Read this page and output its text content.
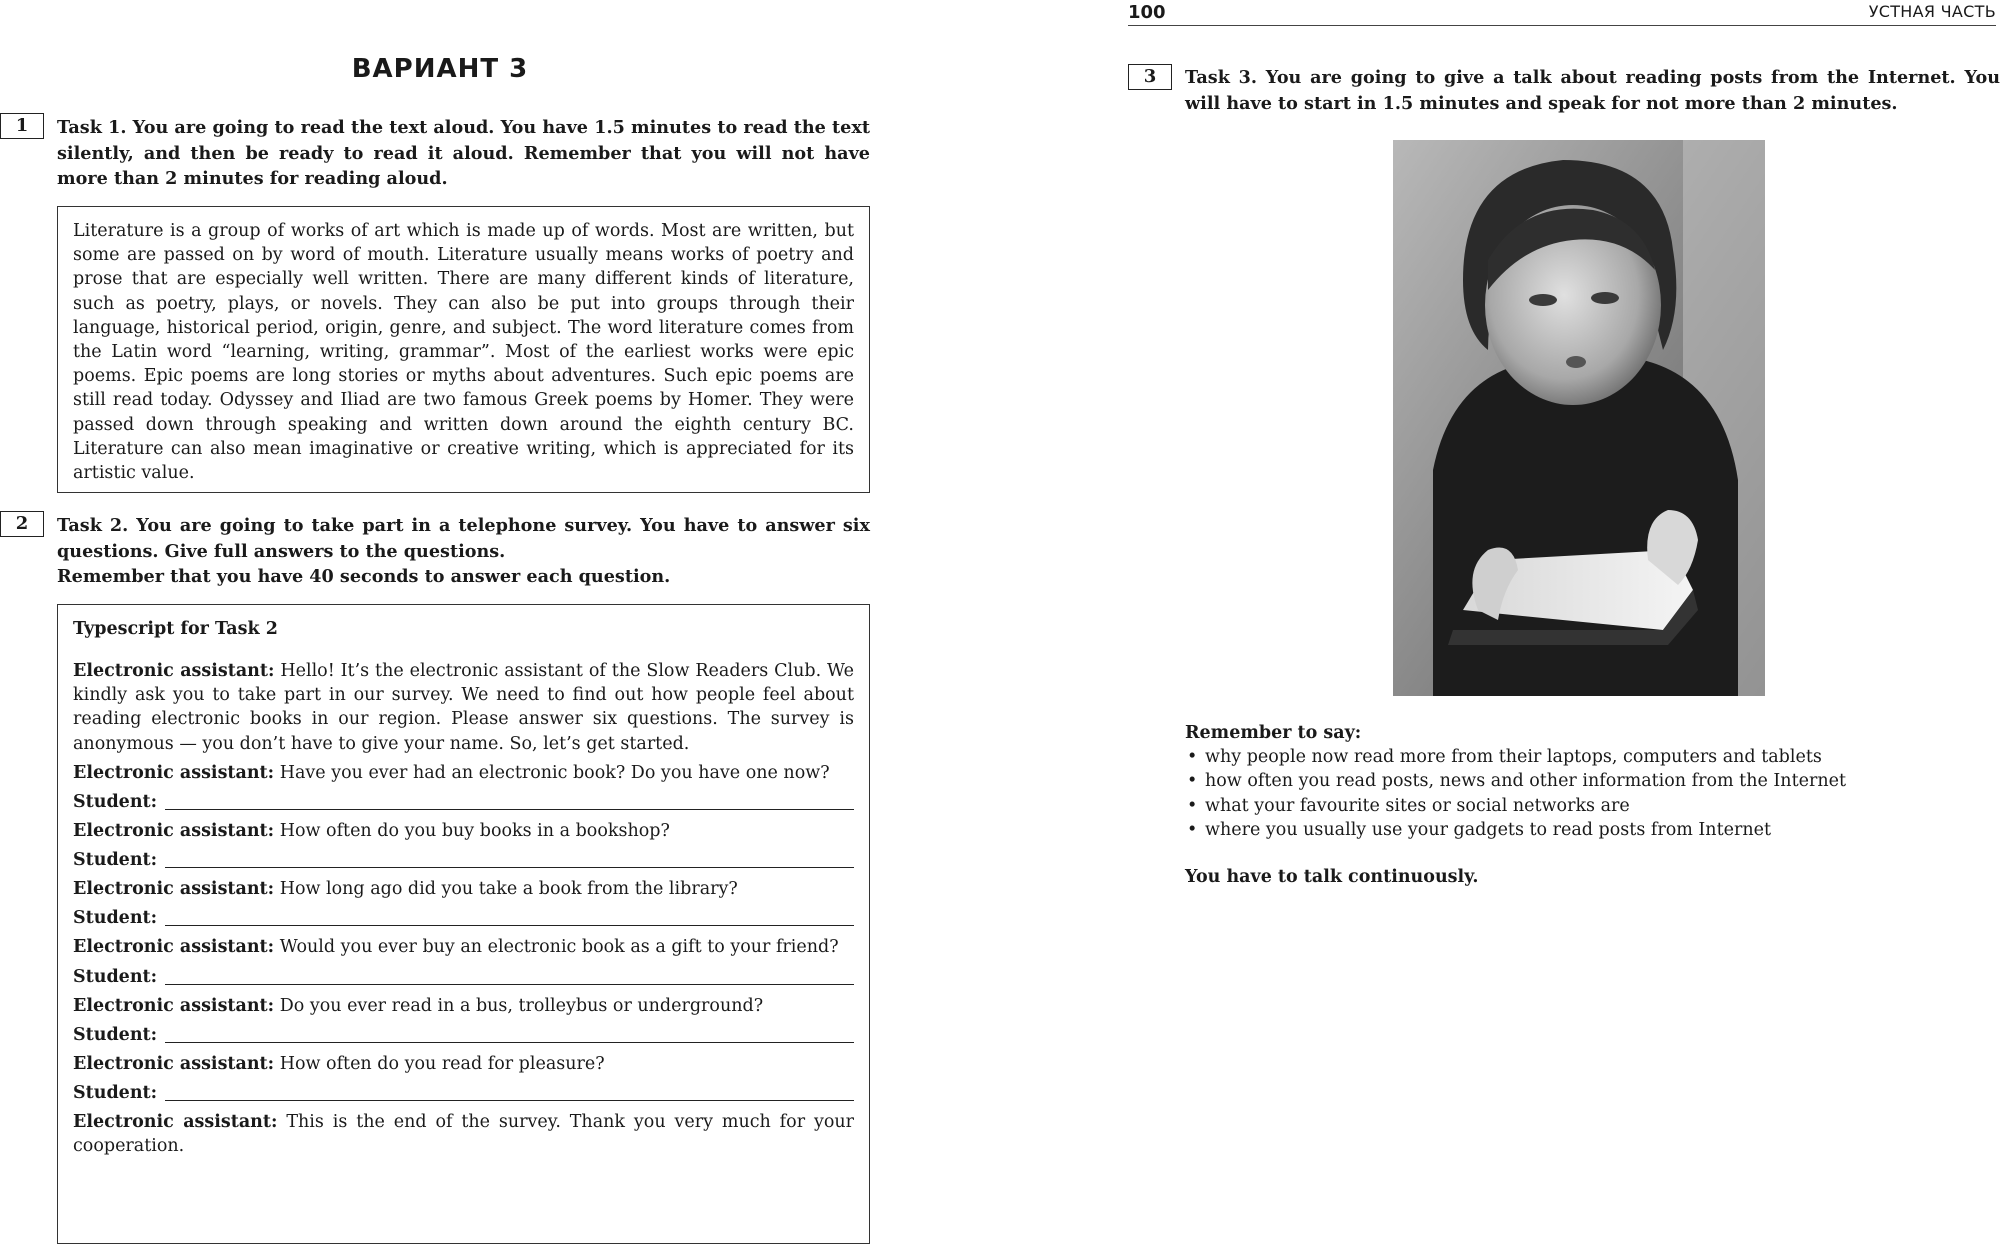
ВАРИАНТ 3
1	Task 1. You are going to read the text aloud. You have 1.5 minutes to read the text silently, and then be ready to read it aloud. Remember that you will not have more than 2 minutes for reading aloud.

Literature is a group of works of art which is made up of words. Most are written, but some are passed on by word of mouth. Literature usually means works of poetry and prose that are especially well written. There are many different kinds of literature, such as poetry, plays, or novels. They can also be put into groups through their language, historical period, origin, genre, and subject. The word literature comes from the Latin word “learning, writing, grammar”. Most of the earliest works were epic poems. Epic poems are long stories or myths about adventures. Such epic poems are still read today. Odyssey and Iliad are two famous Greek poems by Homer. They were passed down through speaking and written down around the eighth century BC. Literature can also mean imaginative or creative writing, which is appreciated for its artistic value.

2	Task 2. You are going to take part in a telephone survey. You have to answer six questions. Give full answers to the questions.
Remember that you have 40 seconds to answer each question.

Typescript for Task 2

Electronic assistant: Hello! It’s the electronic assistant of the Slow Readers Club. We kindly ask you to take part in our survey. We need to find out how people feel about reading electronic books in our region. Please answer six questions. The survey is anonymous — you don’t have to give your name. So, let’s get started.

Electronic assistant: Have you ever had an electronic book? Do you have one now?

Student:

Electronic assistant: How often do you buy books in a bookshop?

Student:

Electronic assistant: How long ago did you take a book from the library?

Student:

Electronic assistant: Would you ever buy an electronic book as a gift to your friend?

Student:

Electronic assistant: Do you ever read in a bus, trolleybus or underground?

Student:

Electronic assistant: How often do you read for pleasure?

Student:

Electronic assistant: This is the end of the survey. Thank you very much for your cooperation.

100	УСТНАЯ ЧАСТЬ
3	Task 3. You are going to give a talk about reading posts from the Internet. You will have to start in 1.5 minutes and speak for not more than 2 minutes.
Remember to say:
• why people now read more from their laptops, computers and tablets
• how often you read posts, news and other information from the Internet
• what your favourite sites or social networks are
• where you usually use your gadgets to read posts from Internet
You have to talk continuously.
